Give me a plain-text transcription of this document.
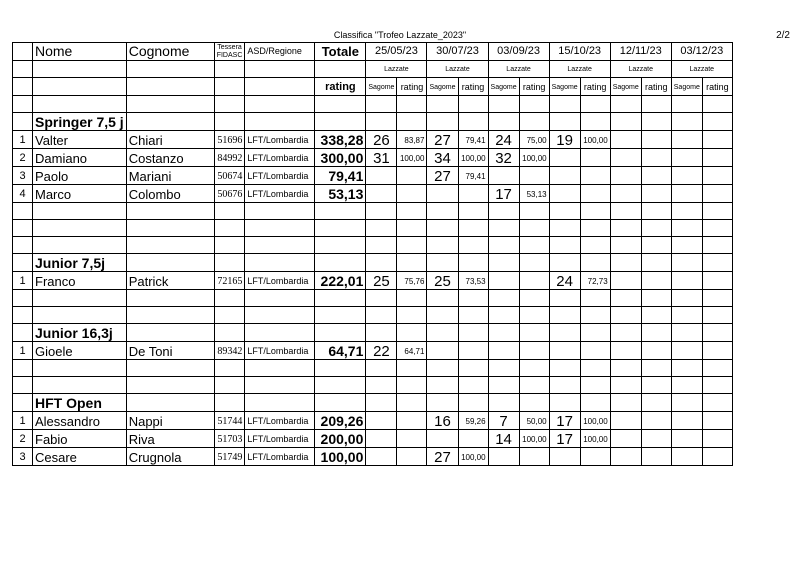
Classifica "Trofeo Lazzate_2023"	2/2
	Nome	Cognome	Tessera
FIDASC	ASD/Regione	Totale	25/05/23		30/07/23		03/09/23		15/10/23		12/11/23		03/12/23	
						Lazzate		Lazzate		Lazzate		Lazzate		Lazzate		Lazzate	
					rating	Sagome	rating	Sagome	rating	Sagome	rating	Sagome	rating	Sagome	rating	Sagome	rating

	Springer 7,5 j																
1	Valter	Chiari	51696	LFT/Lombardia	338,28	26	83,87	27	79,41	24	75,00	19	100,00				
2	Damiano	Costanzo	84992	LFT/Lombardia	300,00	31	100,00	34	100,00	32	100,00						
3	Paolo	Mariani	50674	LFT/Lombardia	79,41			27	79,41								
4	Marco	Colombo	50676	LFT/Lombardia	53,13					17	53,13						

	Junior 7,5j																
1	Franco	Patrick	72165	LFT/Lombardia	222,01	25	75,76	25	73,53			24	72,73				

	Junior 16,3j																
1	Gioele	De Toni	89342	LFT/Lombardia	64,71	22	64,71										

	HFT Open																
1	Alessandro	Nappi	51744	LFT/Lombardia	209,26			16	59,26	7	50,00	17	100,00				
2	Fabio	Riva	51703	LFT/Lombardia	200,00					14	100,00	17	100,00				
3	Cesare	Crugnola	51749	LFT/Lombardia	100,00			27	100,00								
